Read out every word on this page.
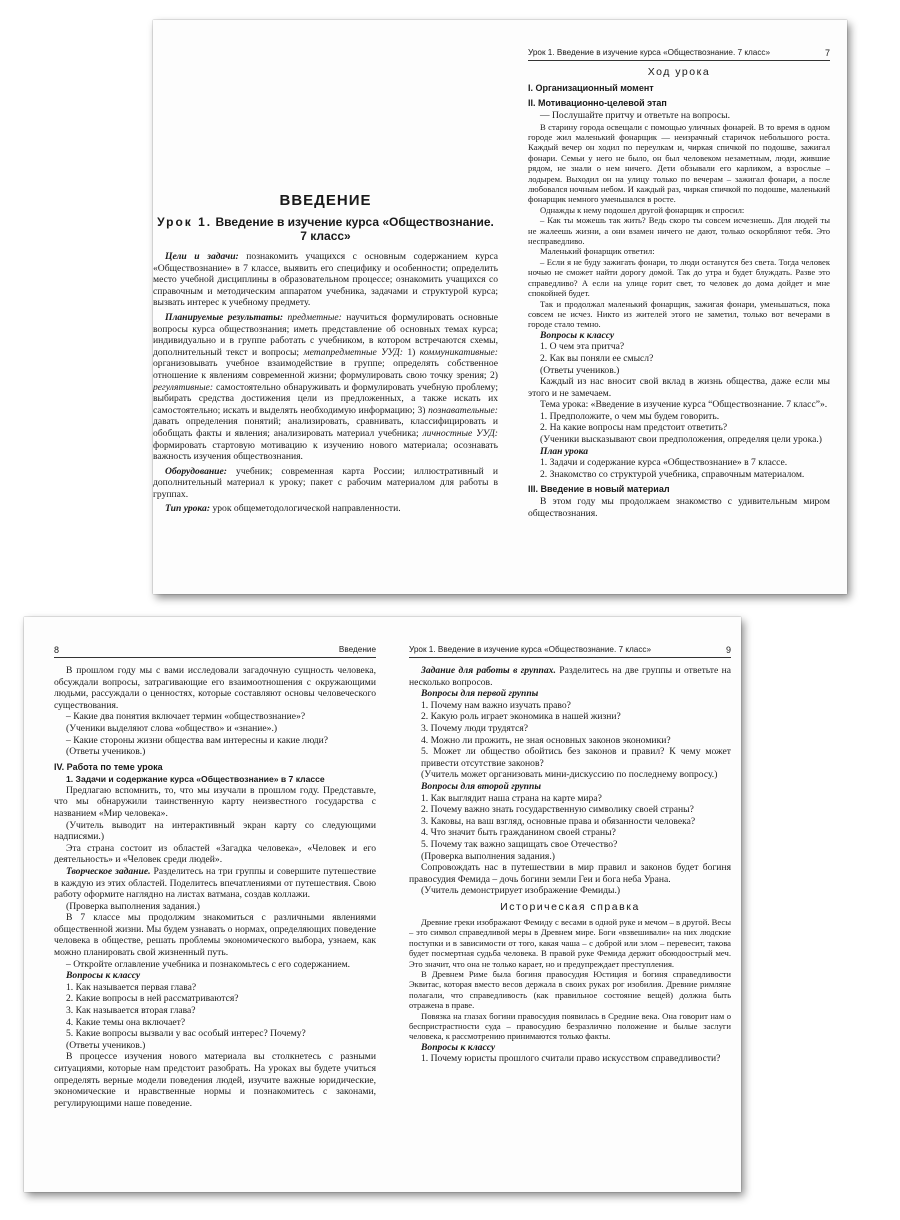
ВВЕДЕНИЕ
Урок 1. Введение в изучение курса «Обществознание. 7 класс»

Цели и задачи: познакомить учащихся с основным содержанием курса «Обществознание» в 7 классе, выявить его специфику и особенности; определить место учебной дисциплины в образовательном процессе; ознакомить учащихся со справочным и методическим аппаратом учебника, задачами и структурой курса; вызвать интерес к учебному предмету.

Планируемые результаты: предметные: научиться формулировать основные вопросы курса обществознания; иметь представление об основных темах курса; индивидуально и в группе работать с учебником, в котором встречаются схемы, дополнительный текст и вопросы; метапредметные УУД: 1) коммуникативные: организовывать учебное взаимодействие в группе; определять собственное отношение к явлениям современной жизни; формулировать свою точку зрения; 2) регулятивные: самостоятельно обнаруживать и формулировать учебную проблему; выбирать средства достижения цели из предложенных, а также искать их самостоятельно; искать и выделять необходимую информацию; 3) познавательные: давать определения понятий; анализировать, сравнивать, классифицировать и обобщать факты и явления; анализировать материал учебника; личностные УУД: формировать стартовую мотивацию к изучению нового материала; осознавать важность изучения обществознания.

Оборудование: учебник; современная карта России; иллюстративный и дополнительный материал к уроку; пакет с рабочим материалом для работы в группах.

Тип урока: урок общеметодологической направленности.

Урок 1. Введение в изучение курса «Обществознание. 7 класс»	7
Ход урока
I. Организационный момент
II. Мотивационно-целевой этап

— Послушайте притчу и ответьте на вопросы.

В старину города освещали с помощью уличных фонарей. В то время в одном городе жил маленький фонарщик — неизрачный старичок небольшого роста. Каждый вечер он ходил по переулкам и, чиркая спичкой по подошве, зажигал фонари. Семьи у него не было, он был человеком незаметным, люди, жившие рядом, не знали о нем ничего. Дети обзывали его карликом, а взрослые – лодырем. Выходил он на улицу только по вечерам – зажигал фонари, а после любовался ночным небом. И каждый раз, чиркая спичкой по подошве, маленький фонарщик немного уменьшался в росте.

Однажды к нему подошел другой фонарщик и спросил:

– Как ты можешь так жить? Ведь скоро ты совсем исчезнешь. Для людей ты не жалеешь жизни, а они взамен ничего не дают, только оскорбляют тебя. Это несправедливо.

Маленький фонарщик ответил:

– Если я не буду зажигать фонари, то люди останутся без света. Тогда человек ночью не сможет найти дорогу домой. Так до утра и будет блуждать. Разве это справедливо? А если на улице горит свет, то человек до дома дойдет и мне спокойней будет.

Так и продолжал маленький фонарщик, зажигая фонари, уменьшаться, пока совсем не исчез. Никто из жителей этого не заметил, только вот вечерами в городе стало темно.

Вопросы к классу

1. О чем эта притча?

2. Как вы поняли ее смысл?

(Ответы учеников.)

Каждый из нас вносит свой вклад в жизнь общества, даже если мы этого и не замечаем.

Тема урока: «Введение в изучение курса “Обществознание. 7 класс”».

1. Предположите, о чем мы будем говорить.

2. На какие вопросы нам предстоит ответить?

(Ученики высказывают свои предположения, определяя цели урока.)

План урока

1. Задачи и содержание курса «Обществознание» в 7 классе.

2. Знакомство со структурой учебника, справочным материалом.

III. Введение в новый материал

В этом году мы продолжаем знакомство с удивительным миром обществознания.

8	Введение

В прошлом году мы с вами исследовали загадочную сущность человека, обсуждали вопросы, затрагивающие его взаимоотношения с окружающими людьми, рассуждали о ценностях, которые составляют основы человеческого существования.

– Какие два понятия включает термин «обществознание»?

(Ученики выделяют слова «общество» и «знание».)

– Какие стороны жизни общества вам интересны и какие люди?

(Ответы учеников.)

IV. Работа по теме урока
1. Задачи и содержание курса «Обществознание» в 7 классе

Предлагаю вспомнить, то, что мы изучали в прошлом году. Представьте, что мы обнаружили таинственную карту неизвестного государства с названием «Мир человека».

(Учитель выводит на интерактивный экран карту со следующими надписями.)

Эта страна состоит из областей «Загадка человека», «Человек и его деятельность» и «Человек среди людей».

Творческое задание. Разделитесь на три группы и совершите путешествие в каждую из этих областей. Поделитесь впечатлениями от путешествия. Свою работу оформите наглядно на листах ватмана, создав коллажи.

(Проверка выполнения задания.)

В 7 классе мы продолжим знакомиться с различными явлениями общественной жизни. Мы будем узнавать о нормах, определяющих поведение человека в обществе, решать проблемы экономического выбора, узнаем, как можно планировать свой жизненный путь.

– Откройте оглавление учебника и познакомьтесь с его содержанием.

Вопросы к классу

1. Как называется первая глава?

2. Какие вопросы в ней рассматриваются?

3. Как называется вторая глава?

4. Какие темы она включает?

5. Какие вопросы вызвали у вас особый интерес? Почему?

(Ответы учеников.)

В процессе изучения нового материала вы столкнетесь с разными ситуациями, которые нам предстоит разобрать. На уроках вы будете учиться определять верные модели поведения людей, изучите важные юридические, экономические и нравственные нормы и познакомитесь с законами, регулирующими наше поведение.

Урок 1. Введение в изучение курса «Обществознание. 7 класс»	9

Задание для работы в группах. Разделитесь на две группы и ответьте на несколько вопросов.

Вопросы для первой группы

1. Почему нам важно изучать право?

2. Какую роль играет экономика в нашей жизни?

3. Почему люди трудятся?

4. Можно ли прожить, не зная основных законов экономики?

5. Может ли общество обойтись без законов и правил? К чему может привести отсутствие законов?

(Учитель может организовать мини-дискуссию по последнему вопросу.)

Вопросы для второй группы

1. Как выглядит наша страна на карте мира?

2. Почему важно знать государственную символику своей страны?

3. Каковы, на ваш взгляд, основные права и обязанности человека?

4. Что значит быть гражданином своей страны?

5. Почему так важно защищать свое Отечество?

(Проверка выполнения задания.)

Сопровождать нас в путешествии в мир правил и законов будет богиня правосудия Фемида – дочь богини земли Геи и бога неба Урана.

(Учитель демонстрирует изображение Фемиды.)

Историческая справка

Древние греки изображают Фемиду с весами в одной руке и мечом – в другой. Весы – это символ справедливой меры в Древнем мире. Боги «взвешивали» на них людские поступки и в зависимости от того, какая чаша – с доброй или злом – перевесит, такова будет посмертная судьба человека. В правой руке Фемида держит обоюдоострый меч. Это значит, что она не только карает, но и предупреждает преступления.

В Древнем Риме была богиня правосудия Юстиция и богиня справедливости Эквитас, которая вместо весов держала в своих руках рог изобилия. Древние римляне полагали, что справедливость (как правильное состояние вещей) должна быть отражена в праве.

Повязка на глазах богини правосудия появилась в Средние века. Она говорит нам о беспристрастности суда – правосудию безразлично положение и былые заслуги человека, к рассмотрению принимаются только факты.

Вопросы к классу

1. Почему юристы прошлого считали право искусством справедливости?
